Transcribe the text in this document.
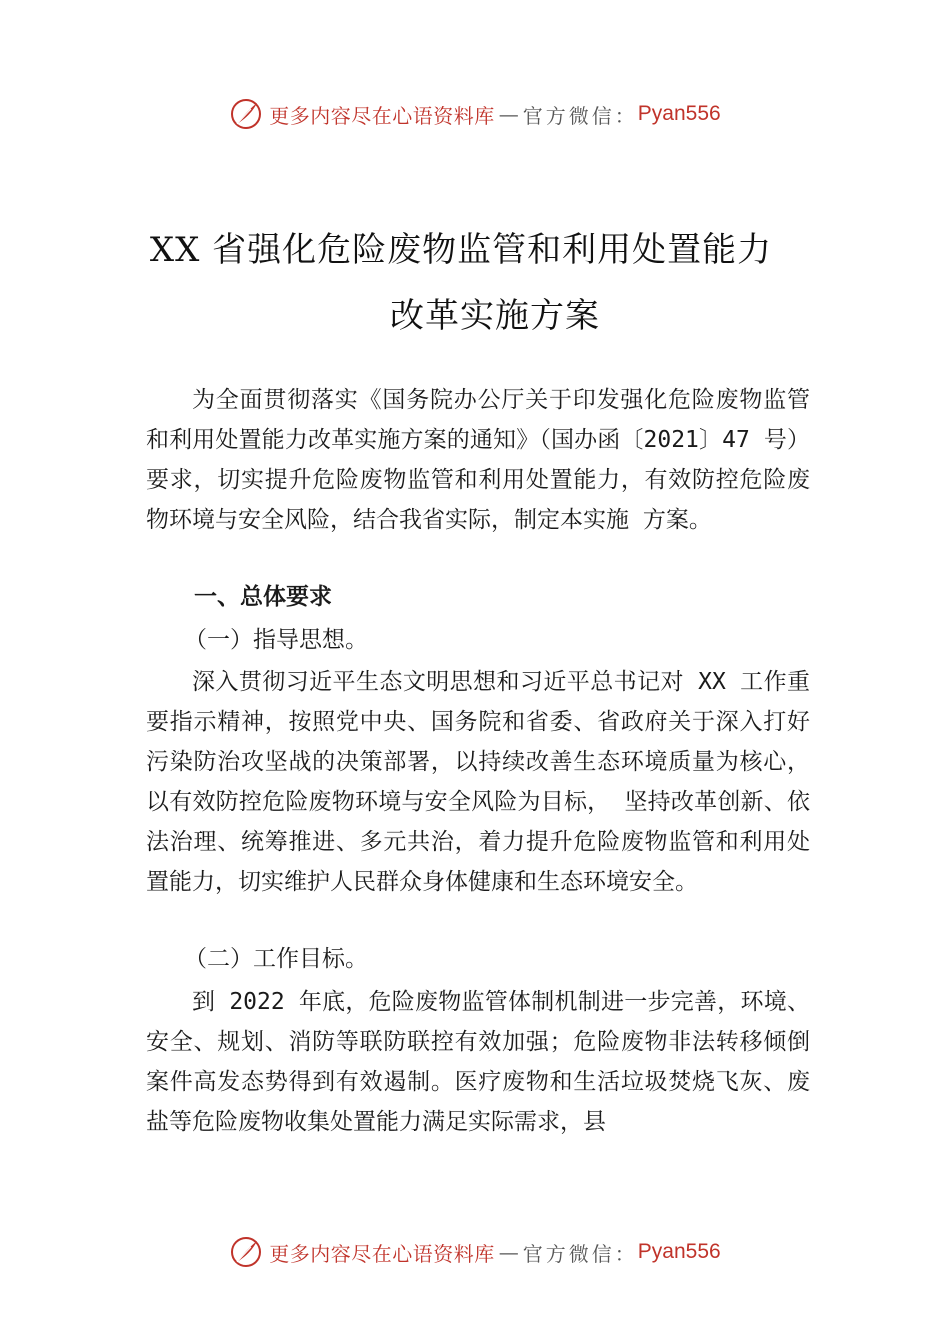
更多内容尽在心语资料库 — 官方微信： Pyan556
XX 省强化危险废物监管和利用处置能力
改革实施方案

为全面贯彻落实《国务院办公厅关于印发强化危险废物监管和利用处置能力改革实施方案的通知》（国办函〔2021〕47 号）要求，切实提升危险废物监管和利用处置能力，有效防控危险废物环境与安全风险，结合我省实际，制定本实施 方案。

一、总体要求
（一）指导思想。

深入贯彻习近平生态文明思想和习近平总书记对 XX 工作重要指示精神，按照党中央、国务院和省委、省政府关于深入打好污染防治攻坚战的决策部署，以持续改善生态环境质量为核心，以有效防控危险废物环境与安全风险为目标， 坚持改革创新、依法治理、统筹推进、多元共治，着力提升危险废物监管和利用处置能力，切实维护人民群众身体健康和生态环境安全。

（二）工作目标。

到 2022 年底，危险废物监管体制机制进一步完善，环境、安全、规划、消防等联防联控有效加强；危险废物非法转移倾倒案件高发态势得到有效遏制。医疗废物和生活垃圾焚烧飞灰、废盐等危险废物收集处置能力满足实际需求，县

更多内容尽在心语资料库 — 官方微信： Pyan556
